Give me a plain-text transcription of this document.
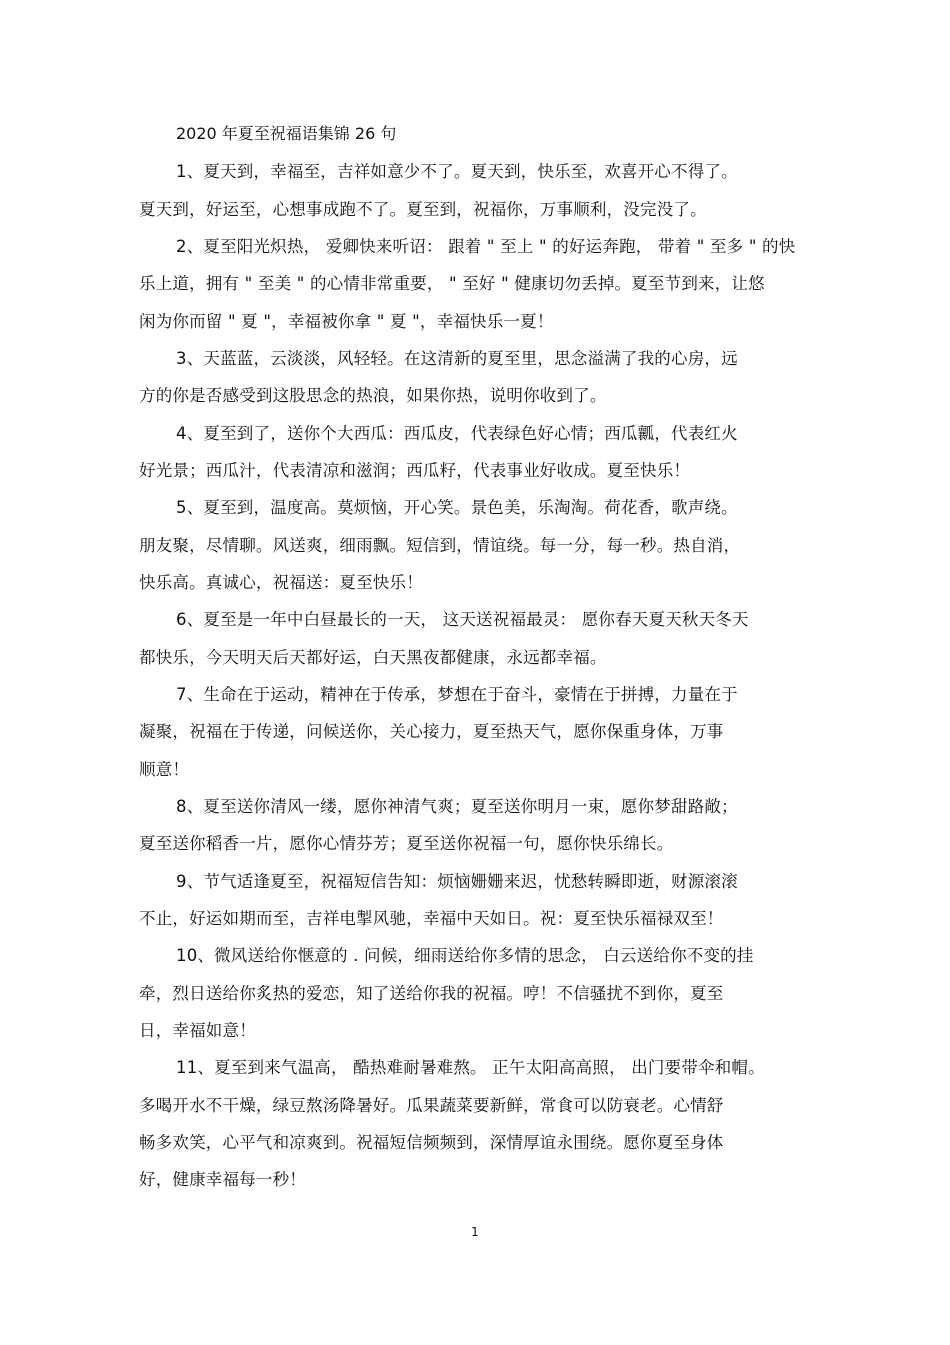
2020 年夏至祝福语集锦 26 句
1、夏天到，幸福至，吉祥如意少不了。夏天到，快乐至，欢喜开心不得了。
夏天到，好运至，心想事成跑不了。夏至到，祝福你，万事顺利，没完没了。
2、夏至阳光炽热， 爱卿快来听诏： 跟着 " 至上 " 的好运奔跑， 带着 " 至多 " 的快
乐上道，拥有 " 至美 " 的心情非常重要， " 至好 " 健康切勿丢掉。夏至节到来，让悠
闲为你而留 " 夏 "，幸福被你拿 " 夏 "，幸福快乐一夏！
3、天蓝蓝，云淡淡，风轻轻。在这清新的夏至里，思念溢满了我的心房，远
方的你是否感受到这股思念的热浪，如果你热，说明你收到了。
4、夏至到了，送你个大西瓜：西瓜皮，代表绿色好心情；西瓜瓤，代表红火
好光景；西瓜汁，代表清凉和滋润；西瓜籽，代表事业好收成。夏至快乐！
5、夏至到，温度高。莫烦恼，开心笑。景色美，乐淘淘。荷花香，歌声绕。
朋友聚，尽情聊。风送爽，细雨飘。短信到，情谊绕。每一分，每一秒。热自消，
快乐高。真诚心，祝福送：夏至快乐！
6、夏至是一年中白昼最长的一天， 这天送祝福最灵： 愿你春天夏天秋天冬天
都快乐，今天明天后天都好运，白天黑夜都健康，永远都幸福。
7、生命在于运动，精神在于传承，梦想在于奋斗，豪情在于拼搏，力量在于
凝聚，祝福在于传递，问候送你，关心接力，夏至热天气，愿你保重身体，万事
顺意！
8、夏至送你清风一缕，愿你神清气爽；夏至送你明月一束，愿你梦甜路敞；
夏至送你稻香一片，愿你心情芬芳；夏至送你祝福一句，愿你快乐绵长。
9、节气适逢夏至，祝福短信告知：烦恼姗姗来迟，忧愁转瞬即逝，财源滚滚
不止，好运如期而至，吉祥电掣风驰，幸福中天如日。祝：夏至快乐福禄双至！
10、微风送给你惬意的 . 问候，细雨送给你多情的思念， 白云送给你不变的挂
牵，烈日送给你炙热的爱恋，知了送给你我的祝福。哼！不信骚扰不到你，夏至
日，幸福如意！
11、夏至到来气温高， 酷热难耐暑难熬。 正午太阳高高照， 出门要带伞和帽。
多喝开水不干燥，绿豆熬汤降暑好。瓜果蔬菜要新鲜，常食可以防衰老。心情舒
畅多欢笑，心平气和凉爽到。祝福短信频频到，深情厚谊永围绕。愿你夏至身体
好，健康幸福每一秒！
1
